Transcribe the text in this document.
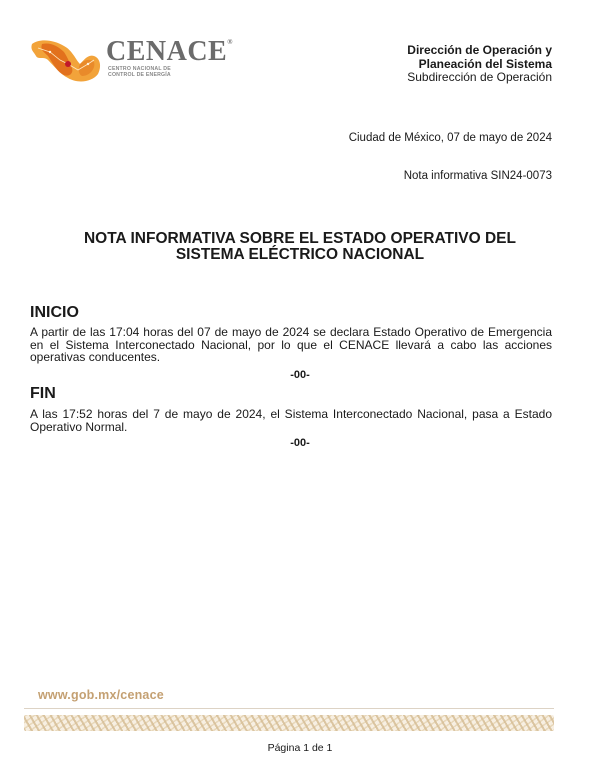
CENACE®
CENTRO NACIONAL DE
CONTROL DE ENERGÍA
Dirección de Operación y
Planeación del Sistema
Subdirección de Operación
Ciudad de México, 07 de mayo de 2024
Nota informativa SIN24-0073
NOTA INFORMATIVA SOBRE EL ESTADO OPERATIVO DEL
SISTEMA ELÉCTRICO NACIONAL
INICIO
A partir de las 17:04 horas del 07 de mayo de 2024 se declara Estado Operativo de Emergencia en el Sistema Interconectado Nacional, por lo que el CENACE llevará a cabo las acciones operativas conducentes.
-00-
FIN
A las 17:52 horas del 7 de mayo de 2024, el Sistema Interconectado Nacional, pasa a Estado Operativo Normal.
-00-
www.gob.mx/cenace
Página 1 de 1
